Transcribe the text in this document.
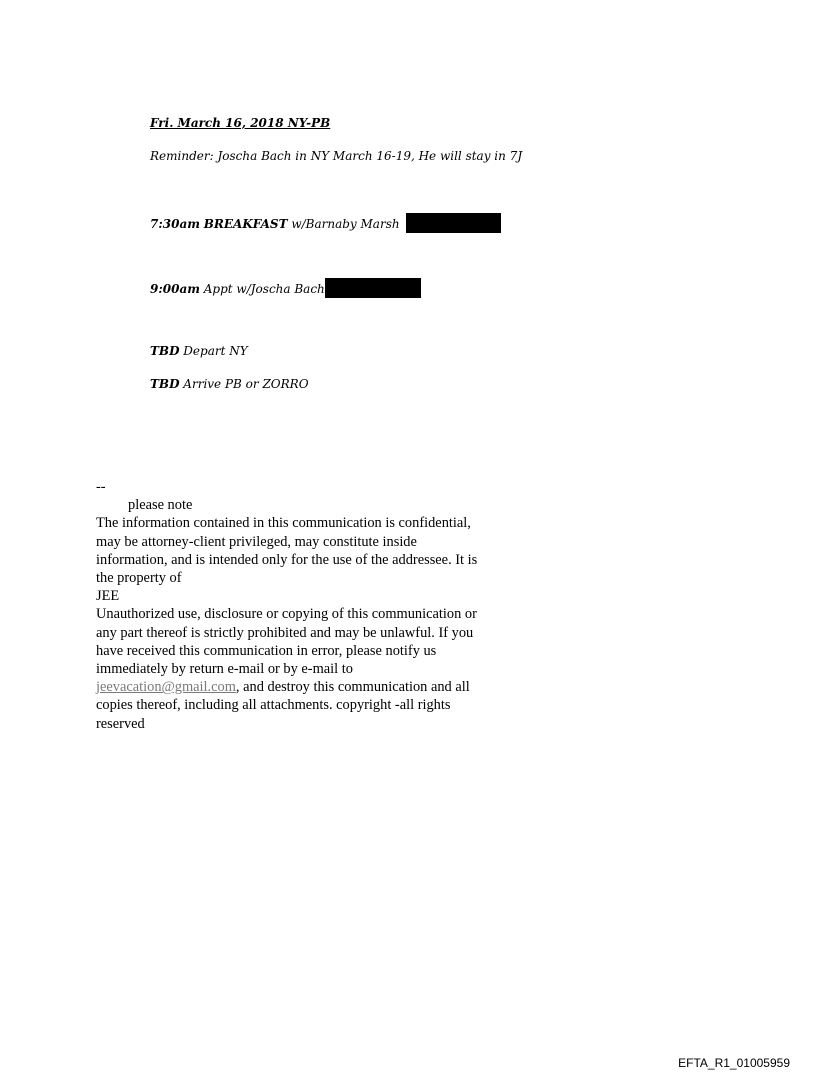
Fri. March 16, 2018 NY-PB
Reminder: Joscha Bach in NY March 16-19, He will stay in 7J
7:30am BREAKFAST w/Barnaby Marsh
9:00am Appt w/Joscha Bach
TBD Depart NY
TBD Arrive PB or ZORRO

--

please note

The information contained in this communication is confidential, may be attorney-client privileged, may constitute inside information, and is intended only for the use of the addressee. It is the property of

JEE

Unauthorized use, disclosure or copying of this communication or any part thereof is strictly prohibited and may be unlawful. If you have received this communication in error, please notify us immediately by return e-mail or by e-mail to jeevacation@gmail.com, and destroy this communication and all copies thereof, including all attachments. copyright -all rights reserved

EFTA_R1_01005959
